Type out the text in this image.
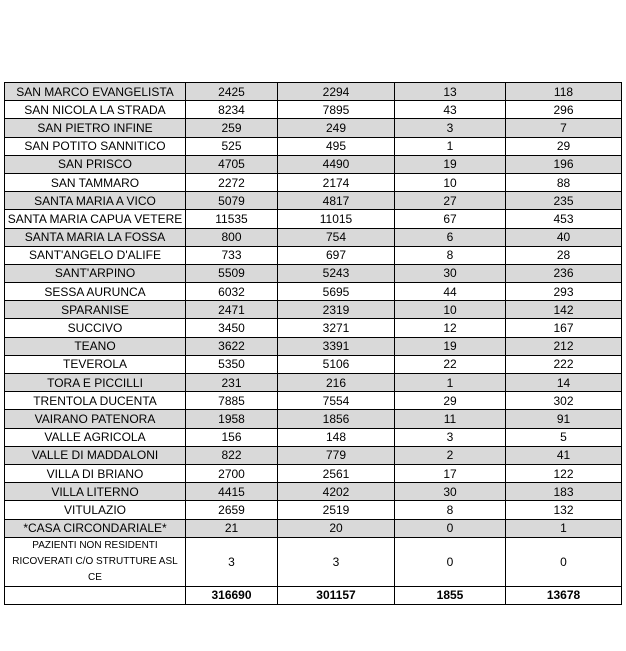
SAN MARCO EVANGELISTA	2425	2294	13	118
SAN NICOLA LA STRADA	8234	7895	43	296
SAN PIETRO INFINE	259	249	3	7
SAN POTITO SANNITICO	525	495	1	29
SAN PRISCO	4705	4490	19	196
SAN TAMMARO	2272	2174	10	88
SANTA MARIA A VICO	5079	4817	27	235
SANTA MARIA CAPUA VETERE	11535	11015	67	453
SANTA MARIA LA FOSSA	800	754	6	40
SANT'ANGELO D'ALIFE	733	697	8	28
SANT'ARPINO	5509	5243	30	236
SESSA AURUNCA	6032	5695	44	293
SPARANISE	2471	2319	10	142
SUCCIVO	3450	3271	12	167
TEANO	3622	3391	19	212
TEVEROLA	5350	5106	22	222
TORA E PICCILLI	231	216	1	14
TRENTOLA DUCENTA	7885	7554	29	302
VAIRANO PATENORA	1958	1856	11	91
VALLE AGRICOLA	156	148	3	5
VALLE DI MADDALONI	822	779	2	41
VILLA DI BRIANO	2700	2561	17	122
VILLA LITERNO	4415	4202	30	183
VITULAZIO	2659	2519	8	132
*CASA CIRCONDARIALE*	21	20	0	1
PAZIENTI NON RESIDENTI RICOVERATI C/O STRUTTURE ASL CE	3	3	0	0
	316690	301157	1855	13678
